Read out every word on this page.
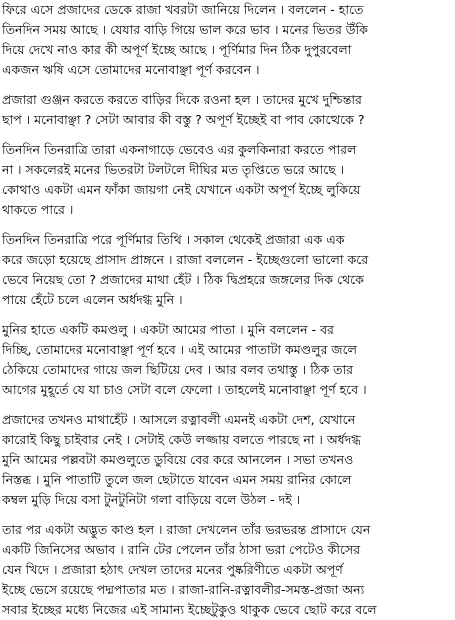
ফিরে এসে প্রজাদের ডেকে রাজা খবরটা জানিয়ে দিলেন । বললেন - হাতে
তিনদিন সময় আছে । যেযার বাড়ি গিয়ে ভাল করে ভাব । মনের ভিতর উঁকি
দিয়ে দেখে নাও কার কী অপূর্ণ ইচ্ছে আছে । পূর্ণিমার দিন ঠিক দুপুরবেলা
একজন ঋষি এসে তোমাদের মনোবাঞ্ছা পূর্ণ করবেন ।
প্রজারা গুঞ্জন করতে করতে বাড়ির দিকে রওনা হল । তাদের মুখে দুশ্চিন্তার
ছাপ । মনোবাঞ্ছা ? সেটা আবার কী বস্তু ? অপূর্ণ ইচ্ছেই বা পাব কোত্থেকে ?
তিনদিন তিনরাত্রি তারা একনাগাড়ে ভেবেও এর কুলকিনারা করতে পারল
না । সকলেরই মনের ভিতরটা টলটলে দীঘির মত তৃপ্তিতে ভরে আছে ।
কোথাও একটা এমন ফাঁকা জায়গা নেই যেখানে একটা অপূর্ণ ইচ্ছে লুকিয়ে
থাকতে পারে ।
তিনদিন তিনরাত্রি পরে পূর্ণিমার তিথি । সকাল থেকেই প্রজারা এক এক
করে জড়ো হয়েছে প্রাসাদ প্রাঙ্গনে । রাজা বললেন - ইচ্ছেগুলো ভালো করে
ভেবে নিয়েছ তো ? প্রজাদের মাথা হেঁট । ঠিক দ্বিপ্রহরে জঙ্গলের দিক থেকে
পায়ে হেঁটে চলে এলেন অর্ধদগ্ধ মুনি ।
মুনির হাতে একটি কমণ্ডলু । একটা আমের পাতা । মুনি বললেন - বর
দিচ্ছি, তোমাদের মনোবাঞ্ছা পূর্ণ হবে । এই আমের পাতাটা কমণ্ডলুর জলে
ঠেকিয়ে তোমাদের গায়ে জল ছিটিয়ে দেব । আর বলব তথাস্তু । ঠিক তার
আগের মুহূর্তে যে যা চাও সেটা বলে ফেলো । তাহলেই মনোবাঞ্ছা পূর্ণ হবে ।
প্রজাদের তখনও মাথাহেঁট । আসলে রত্নাবলী এমনই একটা দেশ, যেখানে
কারোই কিছু চাইবার নেই । সেটাই কেউ লজ্জায় বলতে পারছে না । অর্ধদগ্ধ
মুনি আমের পল্লবটা কমণ্ডলুতে ডুবিয়ে বের করে আনলেন । সভা তখনও
নিস্তব্ধ । মুনি পাতাটি তুলে জল ছেটাতে যাবেন এমন সময় রানির কোলে
কম্বল মুড়ি দিয়ে বসা টুনটুনিটা গলা বাড়িয়ে বলে উঠল - দই ।
তার পর একটা অদ্ভুত কাণ্ড হল । রাজা দেখলেন তাঁর ভরভরন্ত প্রাসাদে যেন
একটি জিনিসের অভাব । রানি টের পেলেন তাঁর ঠাসা ভরা পেটেও কীসের
যেন খিদে । প্রজারা হঠাৎ দেখল তাদের মনের পুষ্করিণীতে একটা অপূর্ণ
ইচ্ছে ভেসে রয়েছে পদ্মপাতার মত । রাজা-রানি-রত্নাবলীর-সমস্ত-প্রজা অন্য
সবার ইচ্ছের মধ্যে নিজের এই সামান্য ইচ্ছেটুকুও থাকুক ভেবে ছোট করে বলে
